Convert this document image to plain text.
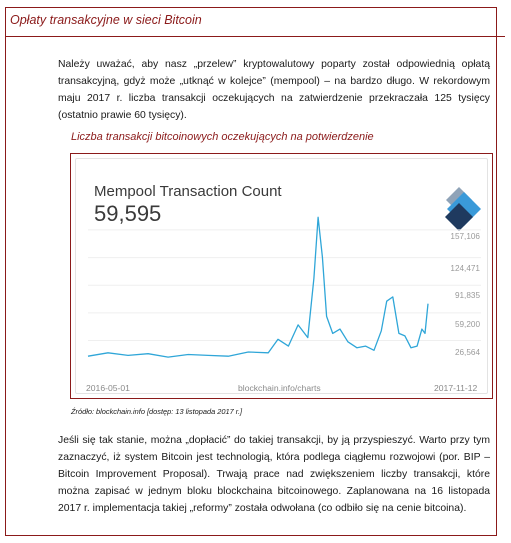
Opłaty transakcyjne w sieci Bitcoin

Należy uważać, aby nasz „przelew” kryptowalutowy poparty został odpowiednią opłatą transakcyjną, gdyż może „utknąć w kolejce” (mempool) – na bardzo długo. W rekordowym maju 2017 r. liczba transakcji oczekujących na zatwierdzenie przekraczała 125 tysięcy (ostatnio prawie 60 tysięcy).

Liczba transakcji bitcoinowych oczekujących na potwierdzenie
Mempool Transaction Count
59,595
157,106
124,471
91,835
59,200
26,564
2016-05-01	blockchain.info/charts	2017-11-12
Źródło: blockchain.info [dostęp: 13 listopada 2017 r.]

Jeśli się tak stanie, można „dopłacić” do takiej transakcji, by ją przyspieszyć. Warto przy tym zaznaczyć, iż system Bitcoin jest technologią, która podlega ciągłemu rozwojowi (por. BIP – Bitcoin Improvement Proposal). Trwają prace nad zwiększeniem liczby transakcji, które można zapisać w jednym bloku blockchaina bitcoinowego. Zaplanowana na 16 listopada 2017 r. implementacja takiej „reformy” została odwołana (co odbiło się na cenie bitcoina).
